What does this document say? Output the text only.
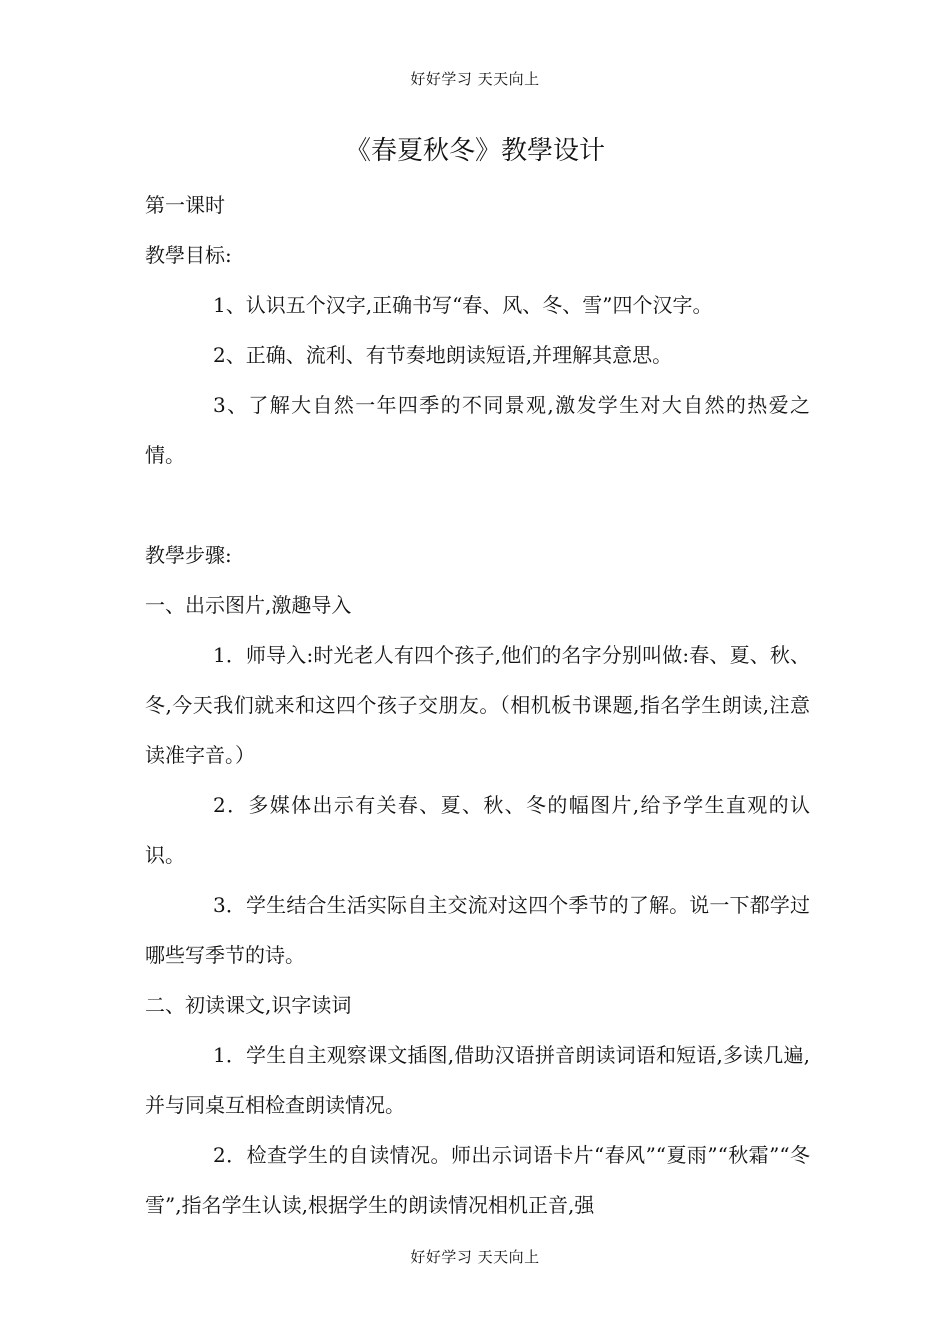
好好学习 天天向上
《春夏秋冬》教學设计

第一课时

教學目标:

1、认识五个汉字,正确书写“春、风、冬、雪”四个汉字。

2、正确、流利、有节奏地朗读短语,并理解其意思。

3、了解大自然一年四季的不同景观,激发学生对大自然的热爱之情。

教學步骤:

一、出示图片,激趣导入

1．师导入:时光老人有四个孩子,他们的名字分别叫做:春、夏、秋、冬,今天我们就来和这四个孩子交朋友。（相机板书课题,指名学生朗读,注意读准字音。）

2．多媒体出示有关春、夏、秋、冬的幅图片,给予学生直观的认识。

3．学生结合生活实际自主交流对这四个季节的了解。说一下都学过哪些写季节的诗。

二、初读课文,识字读词

1．学生自主观察课文插图,借助汉语拼音朗读词语和短语,多读几遍,并与同桌互相检查朗读情况。

2．检查学生的自读情况。师出示词语卡片“春风”“夏雨”“秋霜”“冬雪”,指名学生认读,根据学生的朗读情况相机正音,强

好好学习 天天向上
